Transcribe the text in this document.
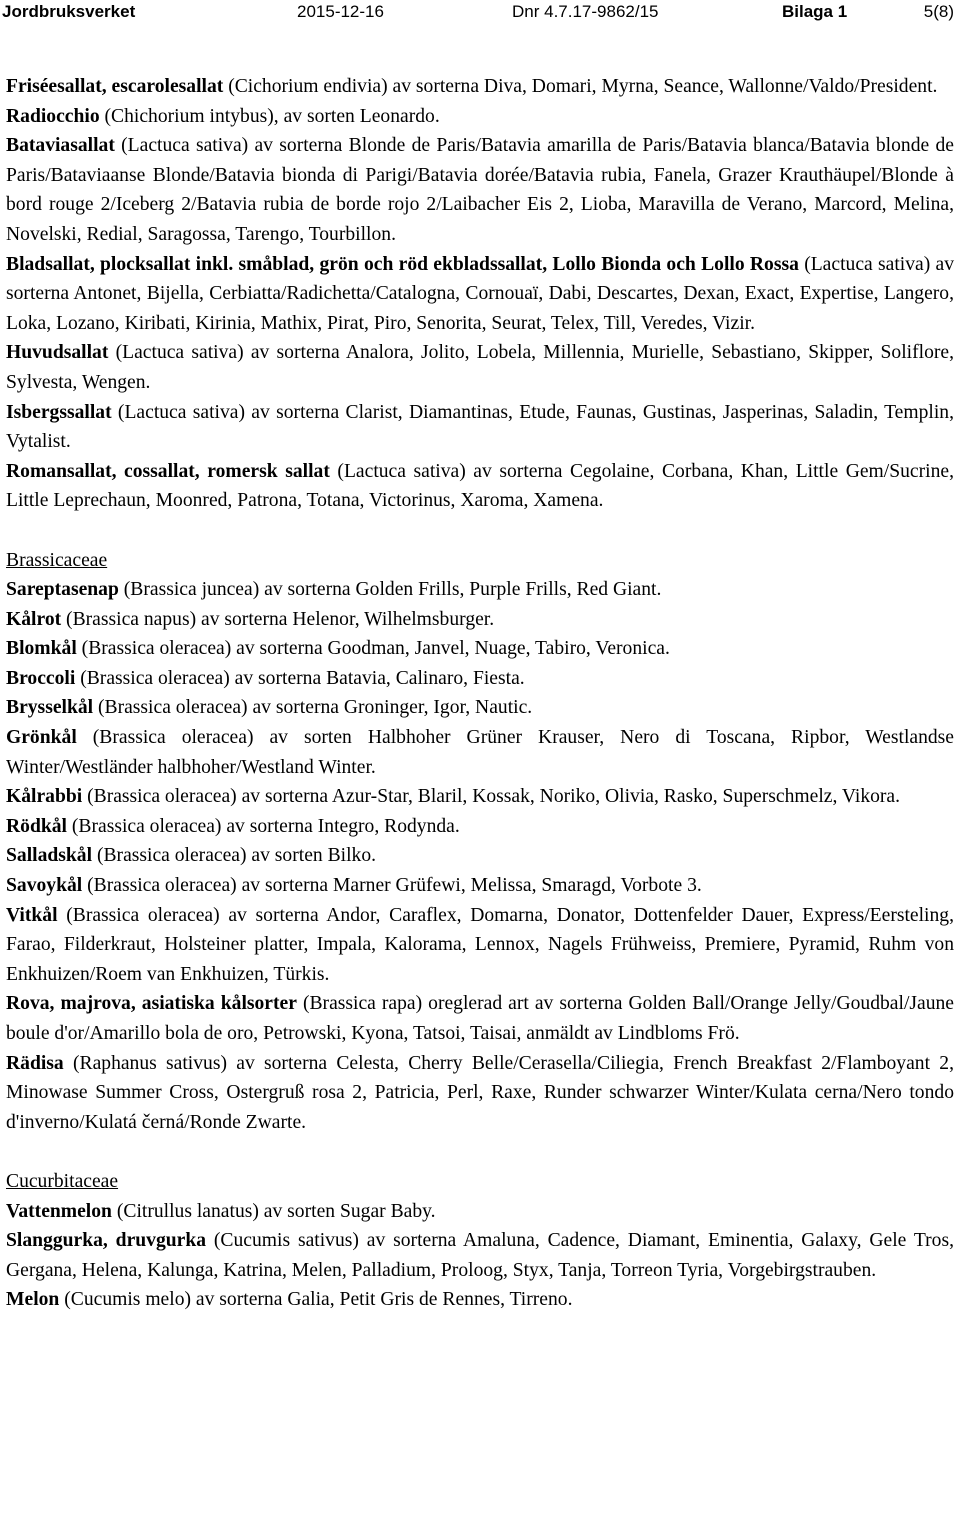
Jordbruksverket	2015-12-16	Dnr 4.7.17-9862/15	Bilaga 1	5(8)

Friséesallat, escarolesallat (Cichorium endivia) av sorterna Diva, Domari, Myrna, Seance, Wallonne/Valdo/President.

Radiocchio (Chichorium intybus), av sorten Leonardo.

Bataviasallat (Lactuca sativa) av sorterna Blonde de Paris/Batavia amarilla de Paris/Batavia blanca/Batavia blonde de Paris/Bataviaanse Blonde/Batavia bionda di Parigi/Batavia dorée/Batavia rubia, Fanela, Grazer Krauthäupel/Blonde à bord rouge 2/Iceberg 2/Batavia rubia de borde rojo 2/Laibacher Eis 2, Lioba, Maravilla de Verano, Marcord, Melina, Novelski, Redial, Saragossa, Tarengo, Tourbillon.

Bladsallat, plocksallat inkl. småblad, grön och röd ekbladssallat, Lollo Bionda och Lollo Rossa (Lactuca sativa) av sorterna Antonet, Bijella, Cerbiatta/Radichetta/Catalogna, Cornouaï, Dabi, Descartes, Dexan, Exact, Expertise, Langero, Loka, Lozano, Kiribati, Kirinia, Mathix, Pirat, Piro, Senorita, Seurat, Telex, Till, Veredes, Vizir.

Huvudsallat (Lactuca sativa) av sorterna Analora, Jolito, Lobela, Millennia, Murielle, Sebastiano, Skipper, Soliflore, Sylvesta, Wengen.

Isbergssallat (Lactuca sativa) av sorterna Clarist, Diamantinas, Etude, Faunas, Gustinas, Jasperinas, Saladin, Templin, Vytalist.

Romansallat, cossallat, romersk sallat (Lactuca sativa) av sorterna Cegolaine, Corbana, Khan, Little Gem/Sucrine, Little Leprechaun, Moonred, Patrona, Totana, Victorinus, Xaroma, Xamena.

Brassicaceae

Sareptasenap (Brassica juncea) av sorterna Golden Frills, Purple Frills, Red Giant.

Kålrot (Brassica napus) av sorterna Helenor, Wilhelmsburger.

Blomkål (Brassica oleracea) av sorterna Goodman, Janvel, Nuage, Tabiro, Veronica.

Broccoli (Brassica oleracea) av sorterna Batavia, Calinaro, Fiesta.

Brysselkål (Brassica oleracea) av sorterna Groninger, Igor, Nautic.

Grönkål (Brassica oleracea) av sorten Halbhoher Grüner Krauser, Nero di Toscana, Ripbor, Westlandse Winter/Westländer halbhoher/Westland Winter.

Kålrabbi (Brassica oleracea) av sorterna Azur-Star, Blaril, Kossak, Noriko, Olivia, Rasko, Superschmelz, Vikora.

Rödkål (Brassica oleracea) av sorterna Integro, Rodynda.

Salladskål (Brassica oleracea) av sorten Bilko.

Savoykål (Brassica oleracea) av sorterna Marner Grüfewi, Melissa, Smaragd, Vorbote 3.

Vitkål (Brassica oleracea) av sorterna Andor, Caraflex, Domarna, Donator, Dottenfelder Dauer, Express/Eersteling, Farao, Filderkraut, Holsteiner platter, Impala, Kalorama, Lennox, Nagels Frühweiss, Premiere, Pyramid, Ruhm von Enkhuizen/Roem van Enkhuizen, Türkis.

Rova, majrova, asiatiska kålsorter (Brassica rapa) oreglerad art av sorterna Golden Ball/Orange Jelly/Goudbal/Jaune boule d'or/Amarillo bola de oro, Petrowski, Kyona, Tatsoi, Taisai, anmäldt av Lindbloms Frö.

Rädisa (Raphanus sativus) av sorterna Celesta, Cherry Belle/Cerasella/Ciliegia, French Breakfast 2/Flamboyant 2, Minowase Summer Cross, Ostergruß rosa 2, Patricia, Perl, Raxe, Runder schwarzer Winter/Kulata cerna/Nero tondo d'inverno/Kulatá černá/Ronde Zwarte.

Cucurbitaceae

Vattenmelon (Citrullus lanatus) av sorten Sugar Baby.

Slanggurka, druvgurka (Cucumis sativus) av sorterna Amaluna, Cadence, Diamant, Eminentia, Galaxy, Gele Tros, Gergana, Helena, Kalunga, Katrina, Melen, Palladium, Proloog, Styx, Tanja, Torreon Tyria, Vorgebirgstrauben.

Melon (Cucumis melo) av sorterna Galia, Petit Gris de Rennes, Tirreno.
